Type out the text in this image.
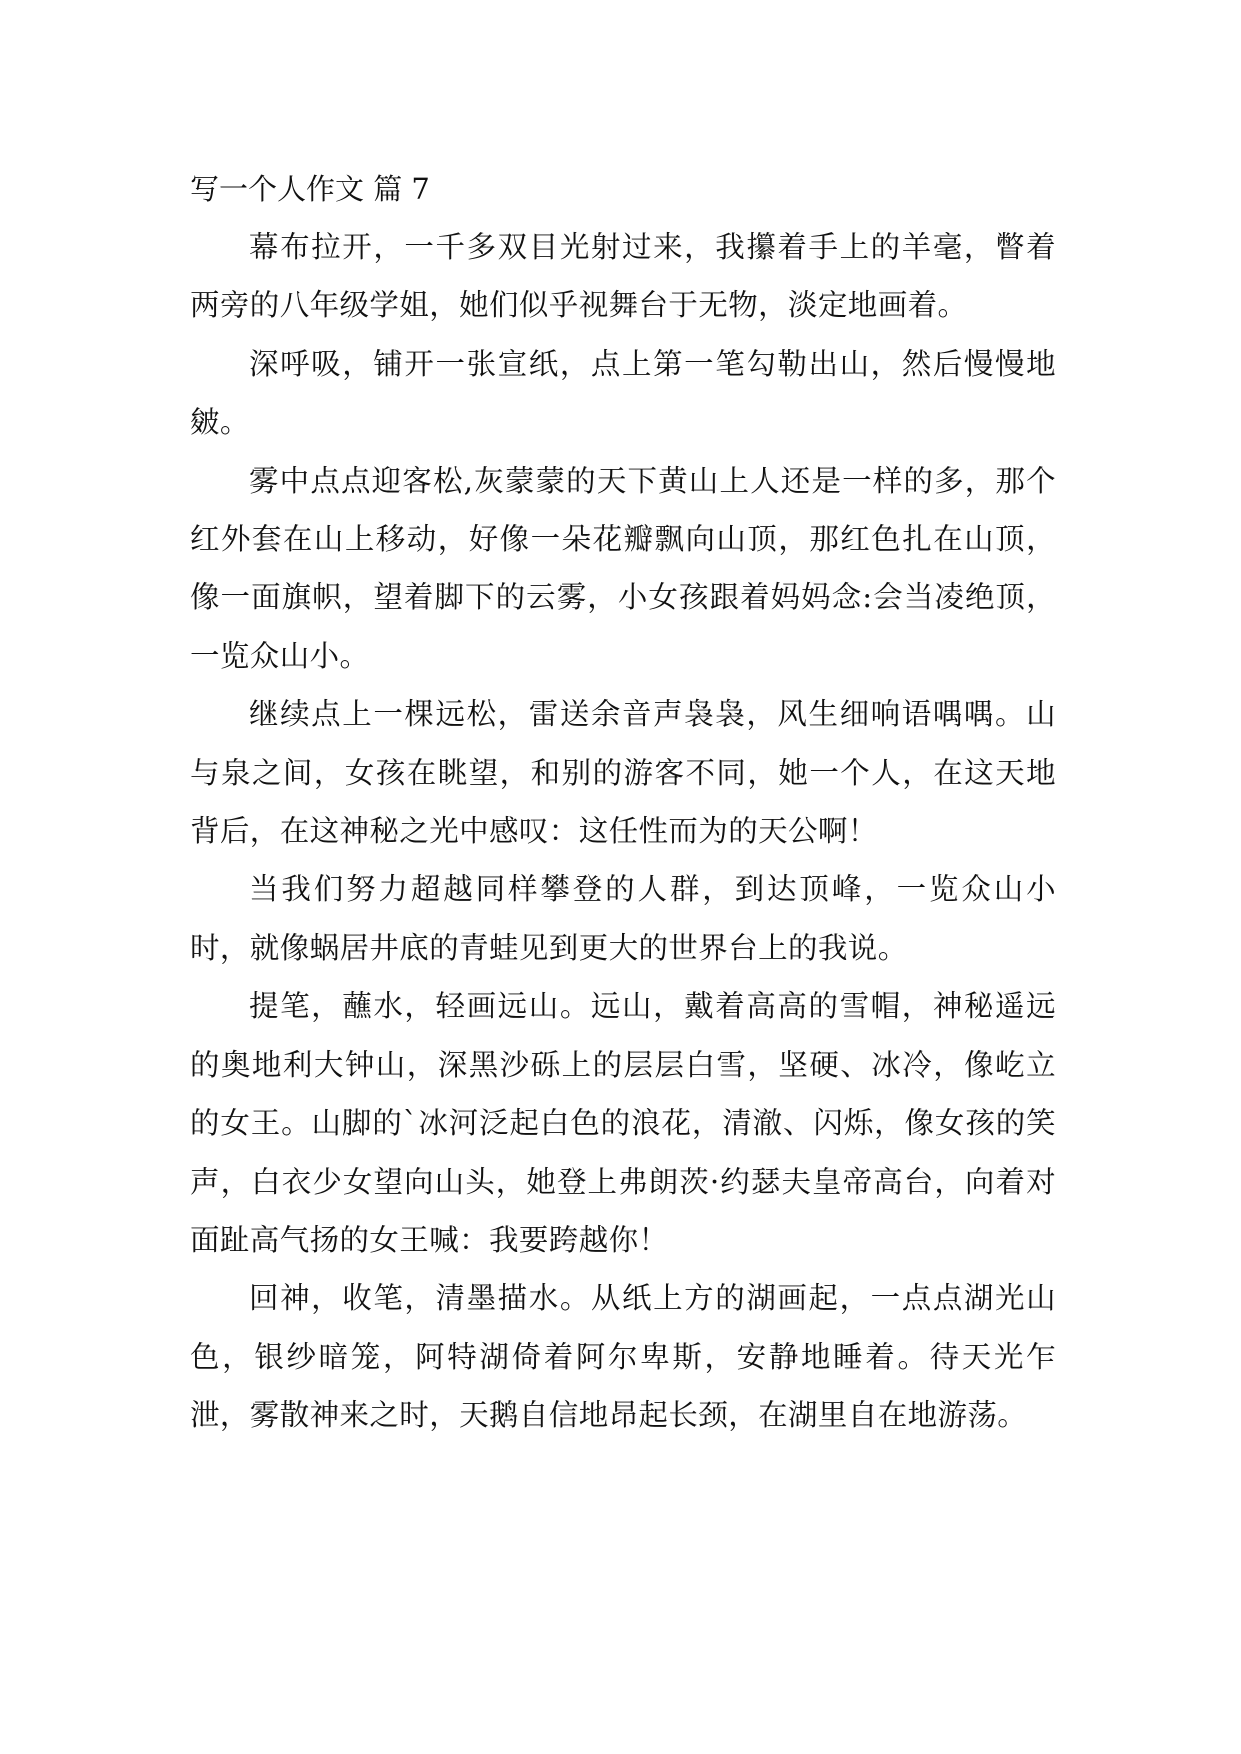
写一个人作文 篇 7

幕布拉开，一千多双目光射过来，我攥着手上的羊毫，瞥着两旁的八年级学姐，她们似乎视舞台于无物，淡定地画着。

深呼吸，铺开一张宣纸，点上第一笔勾勒出山，然后慢慢地皴。

雾中点点迎客松,灰蒙蒙的天下黄山上人还是一样的多，那个红外套在山上移动，好像一朵花瓣飘向山顶，那红色扎在山顶，像一面旗帜，望着脚下的云雾，小女孩跟着妈妈念:会当凌绝顶，一览众山小。

继续点上一棵远松，雷送余音声袅袅，风生细响语喁喁。山与泉之间，女孩在眺望，和别的游客不同，她一个人，在这天地背后，在这神秘之光中感叹：这任性而为的天公啊！

当我们努力超越同样攀登的人群，到达顶峰，一览众山小时，就像蜗居井底的青蛙见到更大的世界台上的我说。

提笔，蘸水，轻画远山。远山，戴着高高的雪帽，神秘遥远的奥地利大钟山，深黑沙砾上的层层白雪，坚硬、冰冷，像屹立的女王。山脚的`冰河泛起白色的浪花，清澈、闪烁，像女孩的笑声，白衣少女望向山头，她登上弗朗茨·约瑟夫皇帝高台，向着对面趾高气扬的女王喊：我要跨越你！

回神，收笔，清墨描水。从纸上方的湖画起，一点点湖光山色，银纱暗笼，阿特湖倚着阿尔卑斯，安静地睡着。待天光乍泄，雾散神来之时，天鹅自信地昂起长颈，在湖里自在地游荡。
